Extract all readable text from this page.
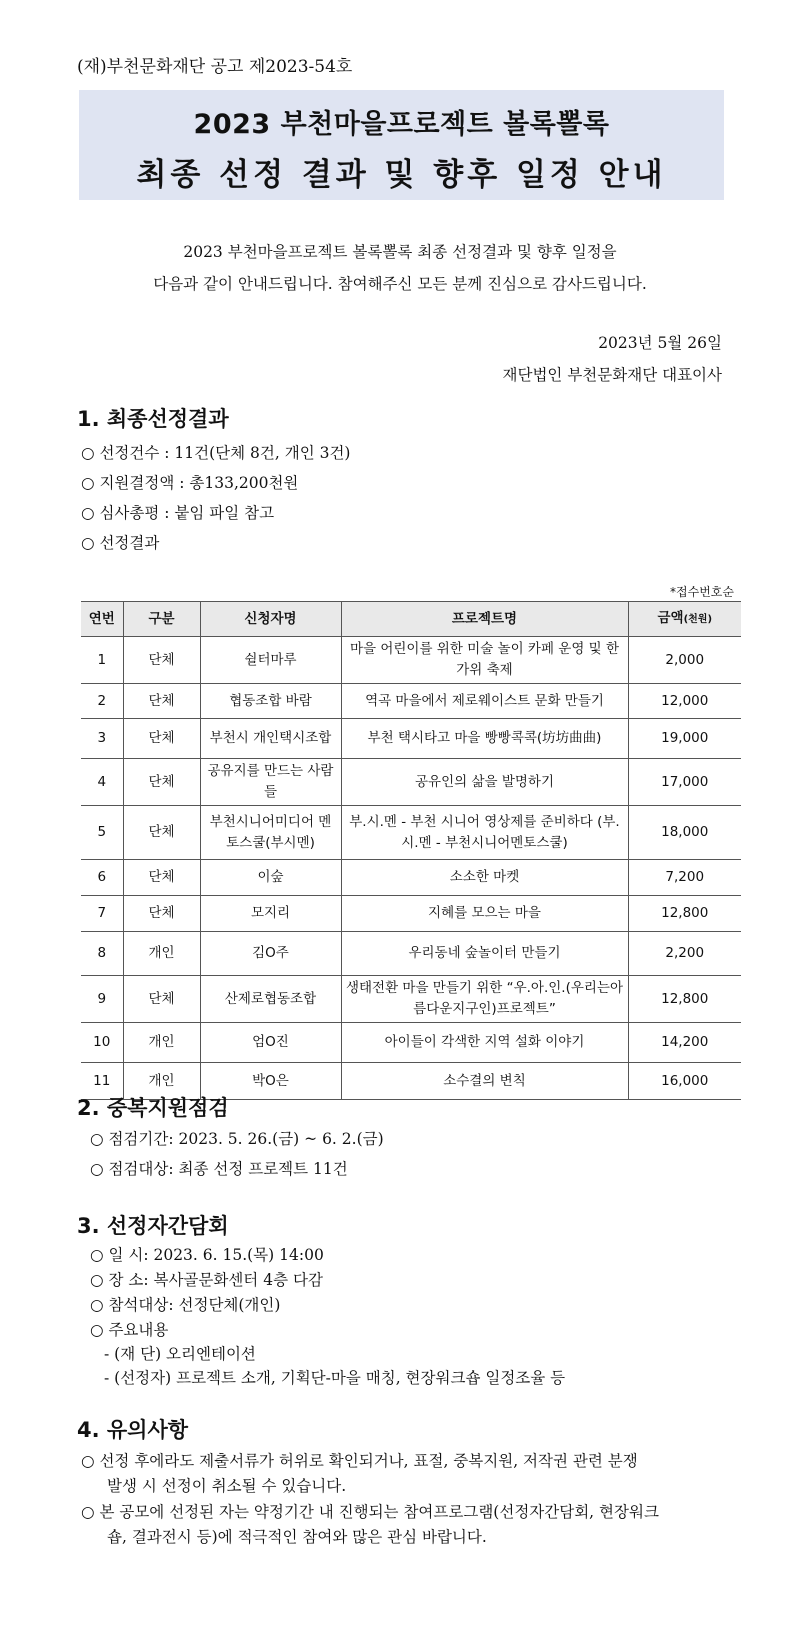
(재)부천문화재단 공고 제2023-54호
2023 부천마을프로젝트 볼록뽈록
최종 선정 결과 및 향후 일정 안내
2023 부천마을프로젝트 볼록뽈록 최종 선정결과 및 향후 일정을
다음과 같이 안내드립니다. 참여해주신 모든 분께 진심으로 감사드립니다.
2023년 5월 26일
재단법인 부천문화재단 대표이사
1. 최종선정결과
○ 선정건수 : 11건(단체 8건, 개인 3건)
○ 지원결정액 : 총133,200천원
○ 심사총평 : 붙임 파일 참고
○ 선정결과
*접수번호순
연번	구분	신청자명	프로젝트명	금액(천원)
1	단체	쉴터마루	마을 어린이를 위한 미술 놀이 카페 운영 및 한가위 축제	2,000
2	단체	협동조합 바람	역곡 마을에서 제로웨이스트 문화 만들기	12,000
3	단체	부천시 개인택시조합	부천 택시타고 마을 빵빵콕콕(坊坊曲曲)	19,000
4	단체	공유지를 만드는 사람들	공유인의 삶을 발명하기	17,000
5	단체	부천시니어미디어 멘토스쿨(부시멘)	부.시.멘 - 부천 시니어 영상제를 준비하다 (부.시.멘 - 부천시니어멘토스쿨)	18,000
6	단체	이숲	소소한 마켓	7,200
7	단체	모지리	지혜를 모으는 마을	12,800
8	개인	김O주	우리동네 숲놀이터 만들기	2,200
9	단체	산제로협동조합	생태전환 마을 만들기 위한 “우.아.인.(우리는아름다운지구인)프로젝트”	12,800
10	개인	엄O진	아이들이 각색한 지역 설화 이야기	14,200
11	개인	박O은	소수결의 변칙	16,000
2. 중복지원점검
○ 점검기간: 2023. 5. 26.(금) ~ 6. 2.(금)
○ 점검대상: 최종 선정 프로젝트 11건
3. 선정자간담회
○ 일 시: 2023. 6. 15.(목) 14:00
○ 장 소: 복사골문화센터 4층 다감
○ 참석대상: 선정단체(개인)
○ 주요내용
- (재 단) 오리엔테이션
- (선정자) 프로젝트 소개, 기획단-마을 매칭, 현장워크숍 일정조율 등
4. 유의사항
○ 선정 후에라도 제출서류가 허위로 확인되거나, 표절, 중복지원, 저작권 관련 분쟁
발생 시 선정이 취소될 수 있습니다.
○ 본 공모에 선정된 자는 약정기간 내 진행되는 참여프로그램(선정자간담회, 현장워크
숍, 결과전시 등)에 적극적인 참여와 많은 관심 바랍니다.
